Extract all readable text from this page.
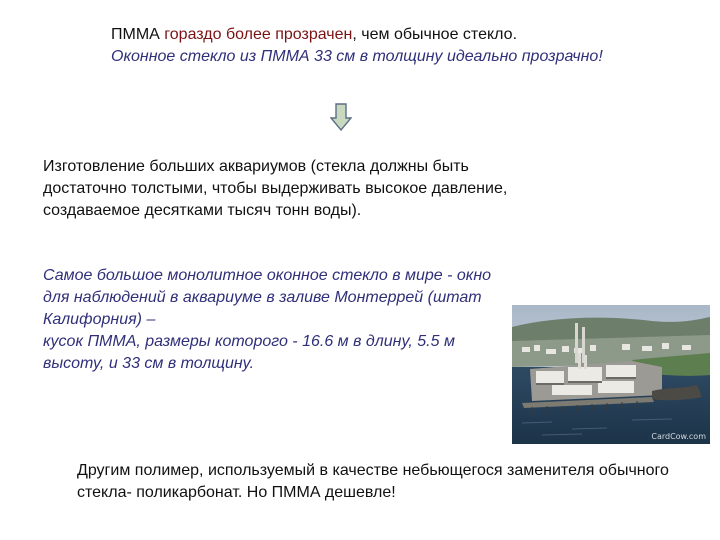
ПММА гораздо более прозрачен, чем обычное стекло.
Оконное стекло из ПММА 33 см в толщину идеально прозрачно!
Изготовление больших аквариумов (стекла должны быть достаточно толстыми, чтобы выдерживать высокое давление, создаваемое десятками тысяч тонн воды).
Самое большое монолитное оконное стекло в мире - окно для наблюдений в аквариуме в заливе Монтеррей (штат Калифорния) –
кусок ПММА, размеры которого - 16.6 м в длину, 5.5 м высоту, и 33 см в толщину.
CardCow.com
Другим полимер, используемый в качестве небьющегося заменителя обычного стекла- поликарбонат. Но ПММА дешевле!
